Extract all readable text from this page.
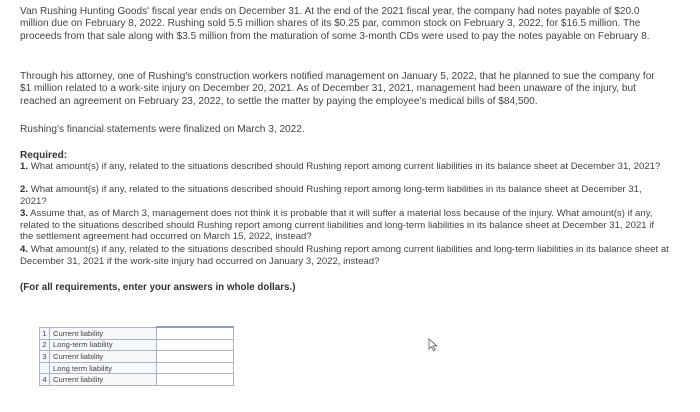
Van Rushing Hunting Goods' fiscal year ends on December 31. At the end of the 2021 fiscal year, the company had notes payable of $20.0 million due on February 8, 2022. Rushing sold 5.5 million shares of its $0.25 par, common stock on February 3, 2022, for $16.5 million. The proceeds from that sale along with $3.5 million from the maturation of some 3-month CDs were used to pay the notes payable on February 8.

Through his attorney, one of Rushing's construction workers notified management on January 5, 2022, that he planned to sue the company for $1 million related to a work-site injury on December 20, 2021. As of December 31, 2021, management had been unaware of the injury, but reached an agreement on February 23, 2022, to settle the matter by paying the employee's medical bills of $84,500.

Rushing's financial statements were finalized on March 3, 2022.

Required:

1. What amount(s) if any, related to the situations described should Rushing report among current liabilities in its balance sheet at December 31, 2021?

2. What amount(s) if any, related to the situations described should Rushing report among long-term liabilities in its balance sheet at December 31, 2021?

3. Assume that, as of March 3, management does not think it is probable that it will suffer a material loss because of the injury. What amount(s) if any, related to the situations described should Rushing report among current liabilities and long-term liabilities in its balance sheet at December 31, 2021 if the settlement agreement had occurred on March 15, 2022, instead?

4. What amount(s) if any, related to the situations described should Rushing report among current liabilities and long-term liabilities in its balance sheet at December 31, 2021 if the work-site injury had occurred on January 3, 2022, instead?

(For all requirements, enter your answers in whole dollars.)

1	Current liability	
2	Long-term liability	
3	Current liability	
	Long term liability	
4	Current liability	
